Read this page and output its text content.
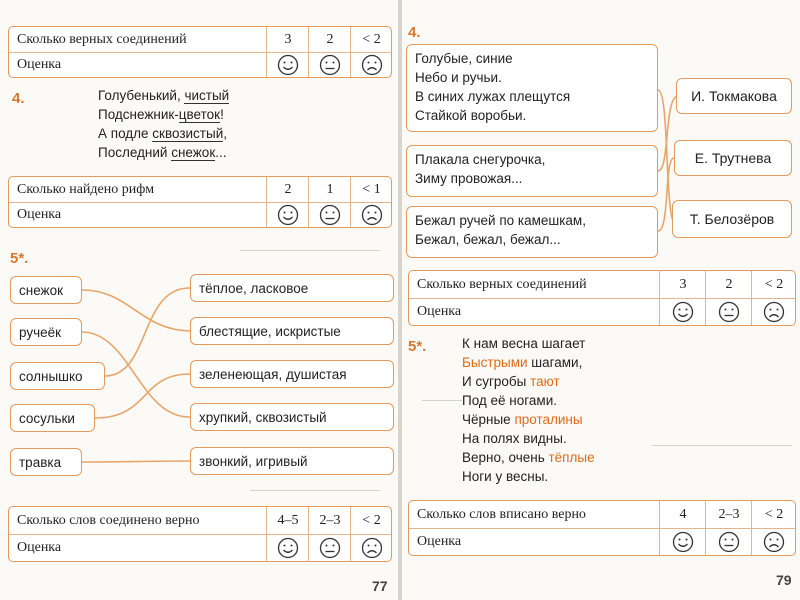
Сколько верных соединений	3	2	< 2
Оценка
4.	Голубенький, чистый
Подснежник-цветок!
А подле сквозистый,
Последний снежок...
Сколько найдено рифм	2	1	< 1
Оценка
5*.
снежок
ручеёк
солнышко
сосульки
травка
тёплое, ласковое
блестящие, искристые
зеленеющая, душистая
хрупкий, сквозистый
звонкий, игривый
Сколько слов соединено верно	4–5	2–3	< 2
Оценка
77
4.
Голубые, синие
Небо и ручьи.
В синих лужах плещутся
Стайкой воробьи.
Плакала снегурочка,
Зиму провожая...
Бежал ручей по камешкам,
Бежал, бежал, бежал...
И. Токмакова
Е. Трутнева
Т. Белозёров
Сколько верных соединений	3	2	< 2
Оценка
5*.	К нам весна шагает
Быстрыми шагами,
И сугробы тают
Под её ногами.
Чёрные проталины
На полях видны.
Верно, очень тёплые
Ноги у весны.
Сколько слов вписано верно	4	2–3	< 2
Оценка
79
